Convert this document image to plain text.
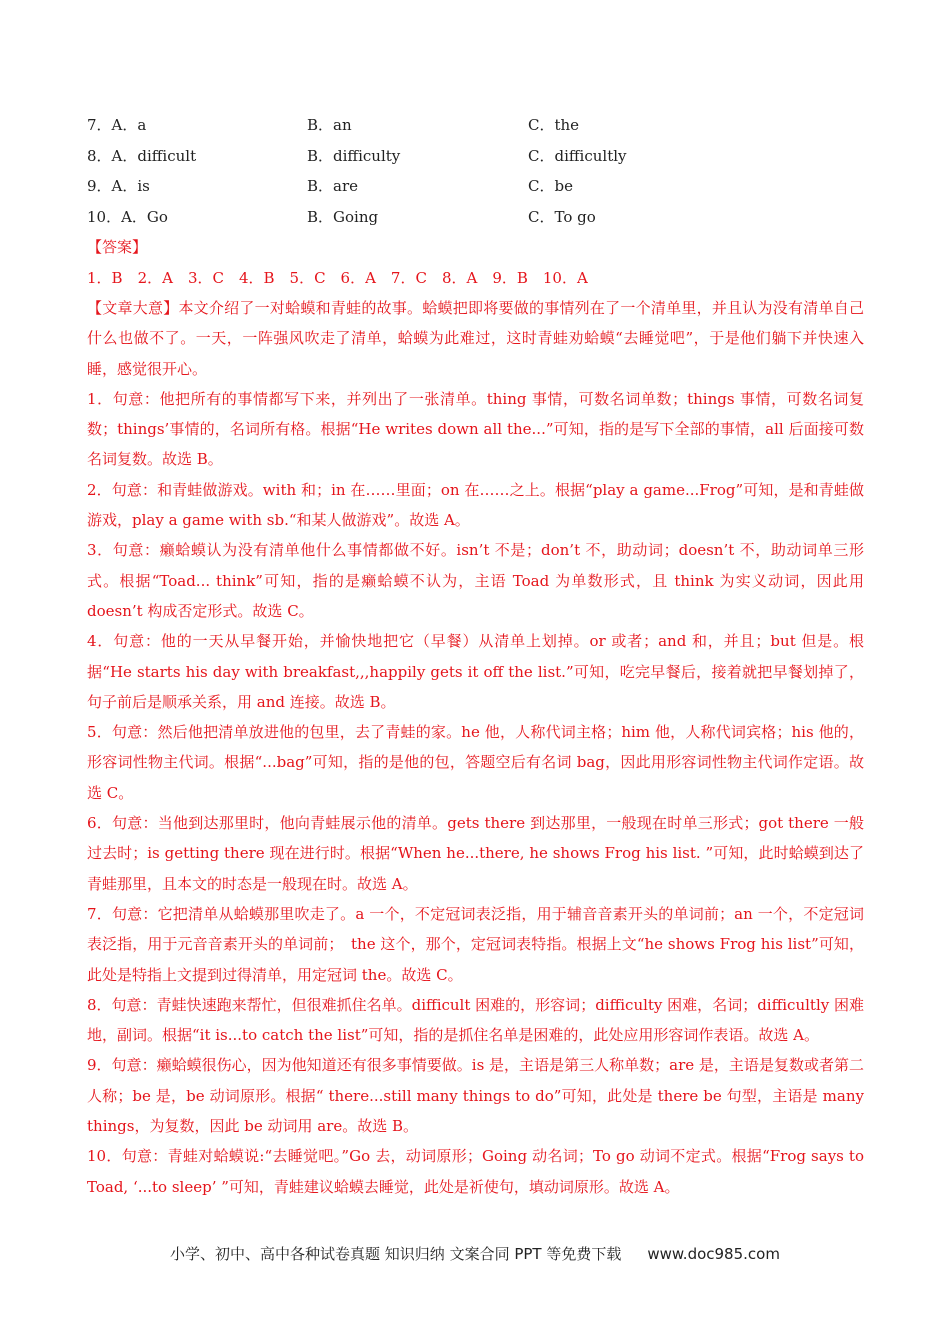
7．A．a	B．an	C．the
8．A．difficult	B．difficulty	C．difficultly
9．A．is	B．are	C．be
10．A．Go	B．Going	C．To go
【答案】
1．B　2．A　3．C　4．B　5．C　6．A　7．C　8．A　9．B　10．A

【文章大意】本文介绍了一对蛤蟆和青蛙的故事。蛤蟆把即将要做的事情列在了一个清单里，并且认为没有清单自己什么也做不了。一天，一阵强风吹走了清单，蛤蟆为此难过，这时青蛙劝蛤蟆“去睡觉吧”，于是他们躺下并快速入睡，感觉很开心。

1．句意：他把所有的事情都写下来，并列出了一张清单。thing 事情，可数名词单数；things 事情，可数名词复数；things’事情的，名词所有格。根据“He writes down all the...”可知，指的是写下全部的事情，all 后面接可数名词复数。故选 B。

2．句意：和青蛙做游戏。with 和；in 在……里面；on 在……之上。根据“play a game...Frog”可知，是和青蛙做游戏，play a game with sb.“和某人做游戏”。故选 A。

3．句意：癞蛤蟆认为没有清单他什么事情都做不好。isn’t 不是；don’t 不，助动词；doesn’t 不，助动词单三形式。根据“Toad... think”可知，指的是癞蛤蟆不认为，主语 Toad 为单数形式，且 think 为实义动词，因此用 doesn’t 构成否定形式。故选 C。

4．句意：他的一天从早餐开始，并愉快地把它（早餐）从清单上划掉。or 或者；and 和，并且；but 但是。根据“He starts his day with breakfast,,,happily gets it off the list.”可知，吃完早餐后，接着就把早餐划掉了，句子前后是顺承关系，用 and 连接。故选 B。

5．句意：然后他把清单放进他的包里，去了青蛙的家。he 他，人称代词主格；him 他，人称代词宾格；his 他的，形容词性物主代词。根据“...bag”可知，指的是他的包，答题空后有名词 bag，因此用形容词性物主代词作定语。故选 C。

6．句意：当他到达那里时，他向青蛙展示他的清单。gets there 到达那里，一般现在时单三形式；got there 一般过去时；is getting there 现在进行时。根据“When he...there, he shows Frog his list. ”可知，此时蛤蟆到达了青蛙那里，且本文的时态是一般现在时。故选 A。

7．句意：它把清单从蛤蟆那里吹走了。a 一个，不定冠词表泛指，用于辅音音素开头的单词前；an 一个，不定冠词表泛指，用于元音音素开头的单词前；　the 这个，那个，定冠词表特指。根据上文“he shows Frog his list”可知，此处是特指上文提到过得清单，用定冠词 the。故选 C。

8．句意：青蛙快速跑来帮忙，但很难抓住名单。difficult 困难的，形容词；difficulty 困难，名词；difficultly 困难地，副词。根据“it is...to catch the list”可知，指的是抓住名单是困难的，此处应用形容词作表语。故选 A。

9．句意：癞蛤蟆很伤心，因为他知道还有很多事情要做。is 是，主语是第三人称单数；are 是，主语是复数或者第二人称；be 是，be 动词原形。根据“ there...still many things to do”可知，此处是 there be 句型，主语是 many things，为复数，因此 be 动词用 are。故选 B。

10．句意：青蛙对蛤蟆说:“去睡觉吧。”Go 去，动词原形；Going 动名词；To go 动词不定式。根据“Frog says to Toad, ‘...to sleep’ ”可知，青蛙建议蛤蟆去睡觉，此处是祈使句，填动词原形。故选 A。

小学、初中、高中各种试卷真题 知识归纳 文案合同 PPT 等免费下载 www.doc985.com
